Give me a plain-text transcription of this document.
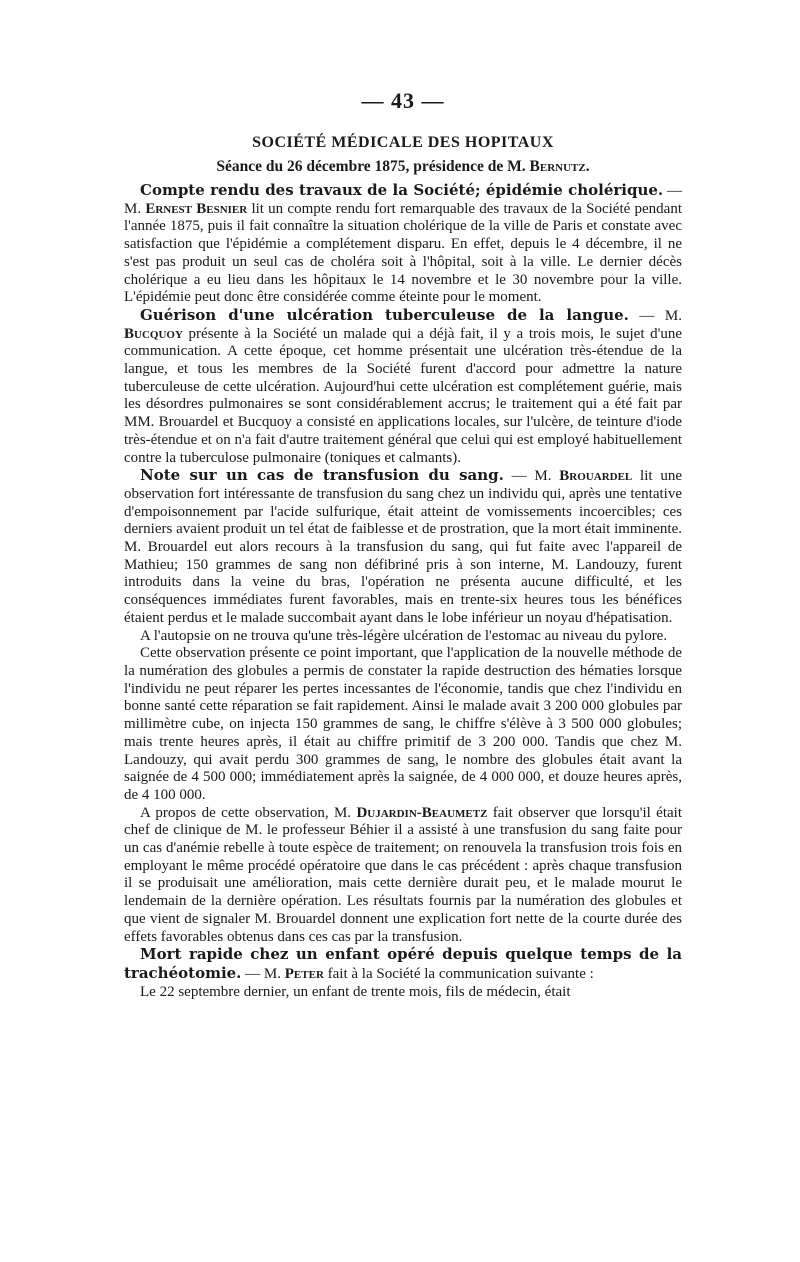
— 43 —
SOCIÉTÉ MÉDICALE DES HOPITAUX
Séance du 26 décembre 1875, présidence de M. Bernutz.

Compte rendu des travaux de la Société; épidémie cholérique. — M. Ernest Besnier lit un compte rendu fort remarquable des travaux de la Société pendant l'année 1875, puis il fait connaître la situation cholérique de la ville de Paris et constate avec satisfaction que l'épidémie a complétement disparu. En effet, depuis le 4 décembre, il ne s'est pas produit un seul cas de choléra soit à l'hôpital, soit à la ville. Le dernier décès cholérique a eu lieu dans les hôpitaux le 14 novembre et le 30 novembre pour la ville. L'épidémie peut donc être considérée comme éteinte pour le moment.

Guérison d'une ulcération tuberculeuse de la langue. — M. Bucquoy présente à la Société un malade qui a déjà fait, il y a trois mois, le sujet d'une communication. A cette époque, cet homme présentait une ulcération très-étendue de la langue, et tous les membres de la Société furent d'accord pour admettre la nature tuberculeuse de cette ulcération. Aujourd'hui cette ulcération est complétement guérie, mais les désordres pulmonaires se sont considérablement accrus; le traitement qui a été fait par MM. Brouardel et Bucquoy a consisté en applications locales, sur l'ulcère, de teinture d'iode très-étendue et on n'a fait d'autre traitement général que celui qui est employé habituellement contre la tuberculose pulmonaire (toniques et calmants).

Note sur un cas de transfusion du sang. — M. Brouardel lit une observation fort intéressante de transfusion du sang chez un individu qui, après une tentative d'empoisonnement par l'acide sulfurique, était atteint de vomissements incoercibles; ces derniers avaient produit un tel état de faiblesse et de prostration, que la mort était imminente. M. Brouardel eut alors recours à la transfusion du sang, qui fut faite avec l'appareil de Mathieu; 150 grammes de sang non défibriné pris à son interne, M. Landouzy, furent introduits dans la veine du bras, l'opération ne présenta aucune difficulté, et les conséquences immédiates furent favorables, mais en trente-six heures tous les bénéfices étaient perdus et le malade succombait ayant dans le lobe inférieur un noyau d'hépatisation.

A l'autopsie on ne trouva qu'une très-légère ulcération de l'estomac au niveau du pylore.

Cette observation présente ce point important, que l'application de la nouvelle méthode de la numération des globules a permis de constater la rapide destruction des hématies lorsque l'individu ne peut réparer les pertes incessantes de l'économie, tandis que chez l'individu en bonne santé cette réparation se fait rapidement. Ainsi le malade avait 3 200 000 globules par millimètre cube, on injecta 150 grammes de sang, le chiffre s'élève à 3 500 000 globules; mais trente heures après, il était au chiffre primitif de 3 200 000. Tandis que chez M. Landouzy, qui avait perdu 300 grammes de sang, le nombre des globules était avant la saignée de 4 500 000; immédiatement après la saignée, de 4 000 000, et douze heures après, de 4 100 000.

A propos de cette observation, M. Dujardin-Beaumetz fait observer que lorsqu'il était chef de clinique de M. le professeur Béhier il a assisté à une transfusion du sang faite pour un cas d'anémie rebelle à toute espèce de traitement; on renouvela la transfusion trois fois en employant le même procédé opératoire que dans le cas précédent : après chaque transfusion il se produisait une amélioration, mais cette dernière durait peu, et le malade mourut le lendemain de la dernière opération. Les résultats fournis par la numération des globules et que vient de signaler M. Brouardel donnent une explication fort nette de la courte durée des effets favorables obtenus dans ces cas par la transfusion.

Mort rapide chez un enfant opéré depuis quelque temps de la trachéotomie. — M. Peter fait à la Société la communication suivante :

Le 22 septembre dernier, un enfant de trente mois, fils de médecin, était
